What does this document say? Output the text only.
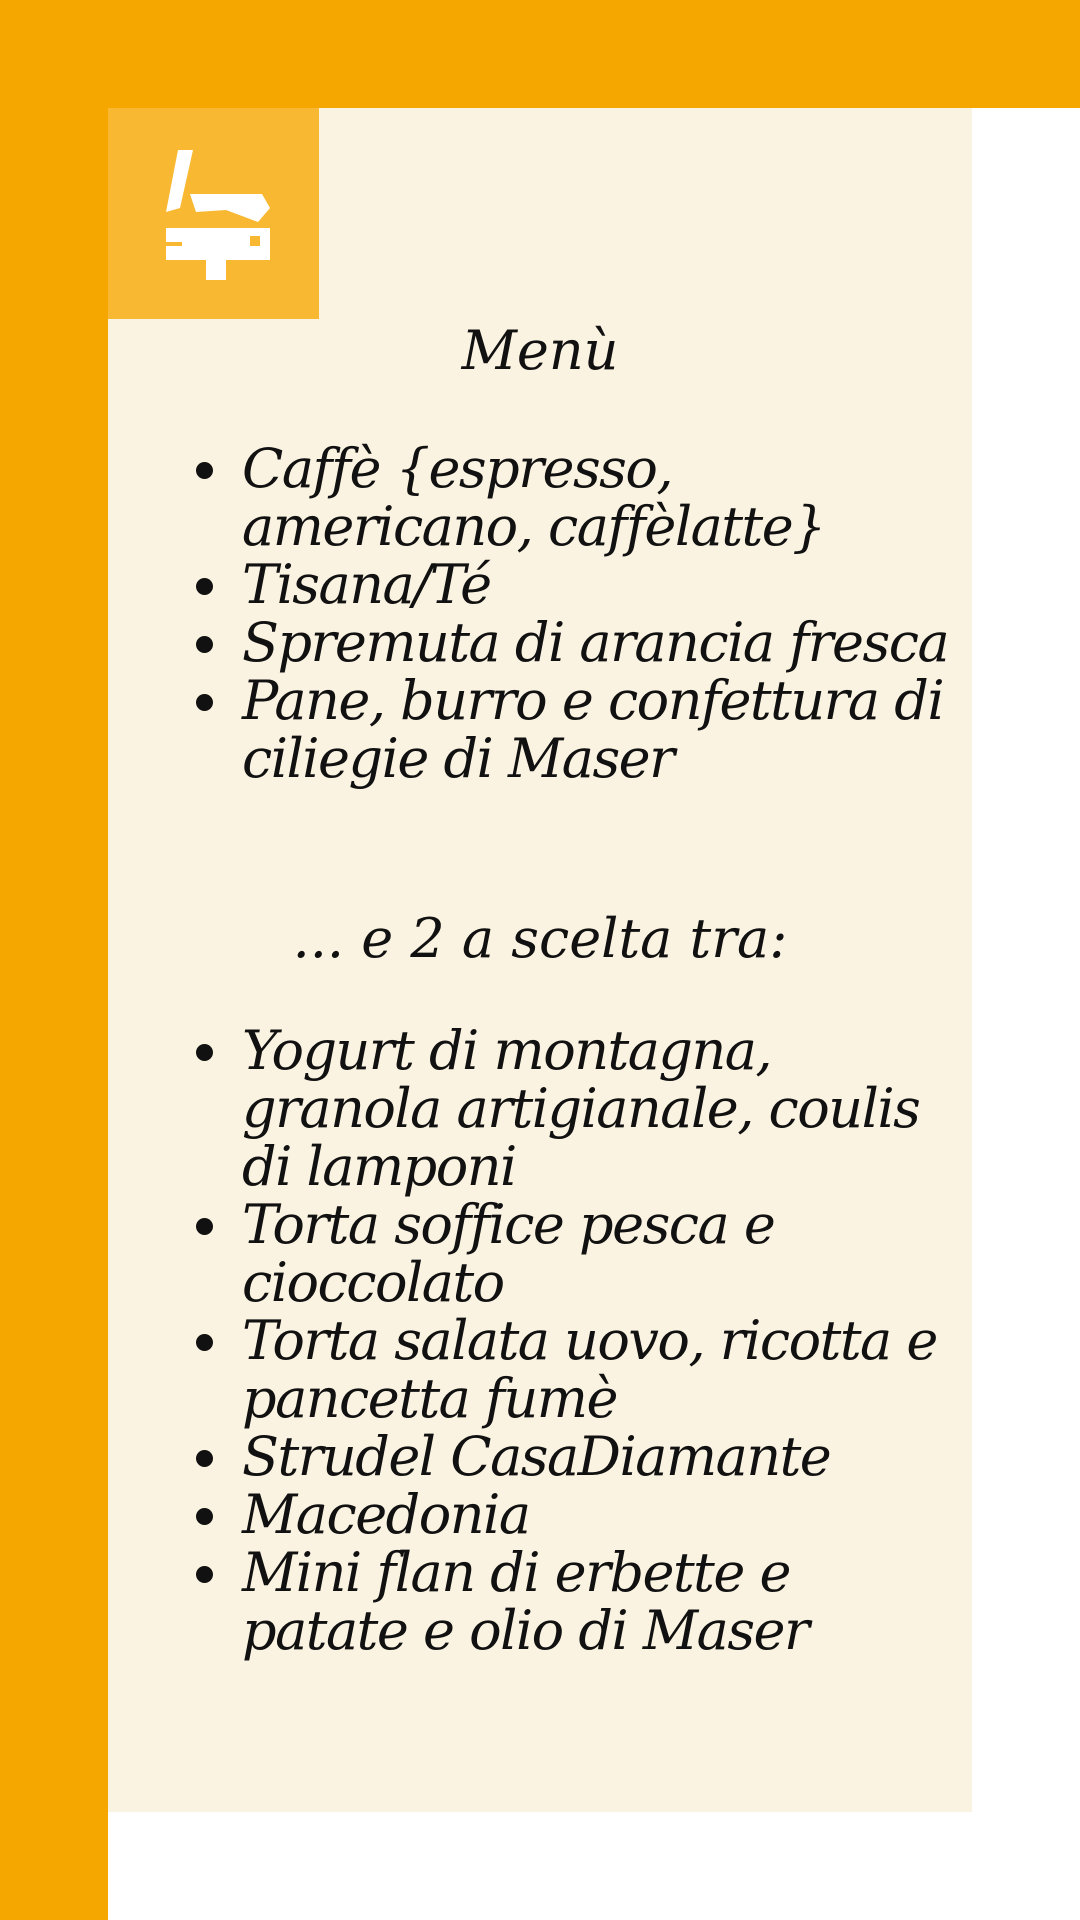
Menù
Caffè {espresso, americano, caffèlatte}
Tisana/Té
Spremuta di arancia fresca
Pane, burro e confettura di ciliegie di Maser
... e 2 a scelta tra:
Yogurt di montagna, granola artigianale, coulis di lamponi
Torta soffice pesca e cioccolato
Torta salata uovo, ricotta e pancetta fumè
Strudel CasaDiamante
Macedonia
Mini flan di erbette e patate e olio di Maser
